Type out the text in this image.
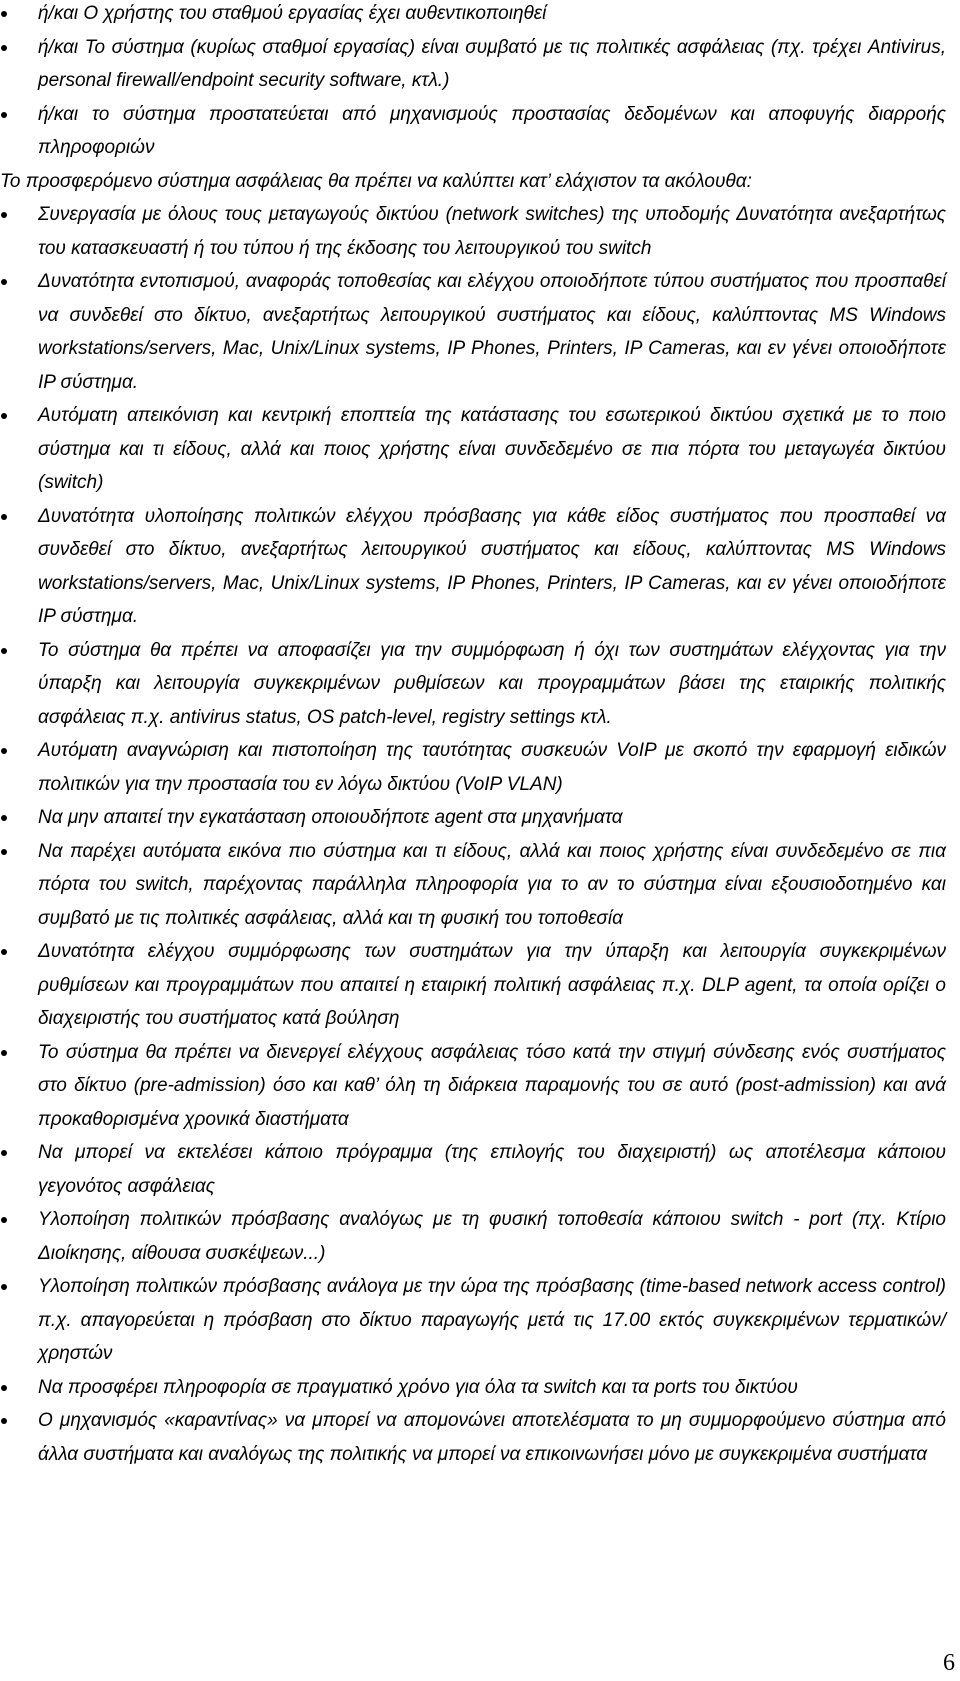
ή/και Ο χρήστης του σταθμού εργασίας έχει αυθεντικοποιηθεί
ή/και Το σύστημα (κυρίως σταθμοί εργασίας) είναι συμβατό με τις πολιτικές ασφάλειας (πχ. τρέχει Antivirus, personal firewall/endpoint security software, κτλ.)
ή/και το σύστημα προστατεύεται από μηχανισμούς προστασίας δεδομένων και αποφυγής διαρροής πληροφοριών
Το προσφερόμενο σύστημα ασφάλειας θα πρέπει να καλύπτει κατ’ ελάχιστον τα ακόλουθα:
Συνεργασία με όλους τους μεταγωγούς δικτύου (network switches) της υποδομής Δυνατότητα ανεξαρτήτως του κατασκευαστή ή του τύπου ή της έκδοσης του λειτουργικού του switch
Δυνατότητα εντοπισμού, αναφοράς τοποθεσίας και ελέγχου οποιοδήποτε τύπου συστήματος που προσπαθεί να συνδεθεί στο δίκτυο, ανεξαρτήτως λειτουργικού συστήματος και είδους, καλύπτοντας MS Windows workstations/servers, Mac, Unix/Linux systems, IP Phones, Printers, IP Cameras, και εν γένει οποιοδήποτε IP σύστημα.
Αυτόματη απεικόνιση και κεντρική εποπτεία της κατάστασης του εσωτερικού δικτύου σχετικά με το ποιο σύστημα και τι είδους, αλλά και ποιος χρήστης είναι συνδεδεμένο σε πια πόρτα του μεταγωγέα δικτύου (switch)
Δυνατότητα υλοποίησης πολιτικών ελέγχου πρόσβασης για κάθε είδος συστήματος που προσπαθεί να συνδεθεί στο δίκτυο, ανεξαρτήτως λειτουργικού συστήματος και είδους, καλύπτοντας MS Windows workstations/servers, Mac, Unix/Linux systems, IP Phones, Printers, IP Cameras, και εν γένει οποιοδήποτε IP σύστημα.
Το σύστημα θα πρέπει να αποφασίζει για την συμμόρφωση ή όχι των συστημάτων ελέγχοντας για την ύπαρξη και λειτουργία συγκεκριμένων ρυθμίσεων και προγραμμάτων βάσει της εταιρικής πολιτικής ασφάλειας π.χ. antivirus status, OS patch-level, registry settings κτλ.
Αυτόματη αναγνώριση και πιστοποίηση της ταυτότητας συσκευών VoIP με σκοπό την εφαρμογή ειδικών πολιτικών για την προστασία του εν λόγω δικτύου (VoIP VLAN)
Να μην απαιτεί την εγκατάσταση οποιουδήποτε agent στα μηχανήματα
Να παρέχει αυτόματα εικόνα πιο σύστημα και τι είδους, αλλά και ποιος χρήστης είναι συνδεδεμένο σε πια πόρτα του switch, παρέχοντας παράλληλα πληροφορία για το αν το σύστημα είναι εξουσιοδοτημένο και συμβατό με τις πολιτικές ασφάλειας, αλλά και τη φυσική του τοποθεσία
Δυνατότητα ελέγχου συμμόρφωσης των συστημάτων για την ύπαρξη και λειτουργία συγκεκριμένων ρυθμίσεων και προγραμμάτων που απαιτεί η εταιρική πολιτική ασφάλειας π.χ. DLP agent, τα οποία ορίζει ο διαχειριστής του συστήματος κατά βούληση
Το σύστημα θα πρέπει να διενεργεί ελέγχους ασφάλειας τόσο κατά την στιγμή σύνδεσης ενός συστήματος στο δίκτυο (pre-admission) όσο και καθ’ όλη τη διάρκεια παραμονής του σε αυτό (post-admission) και ανά προκαθορισμένα χρονικά διαστήματα
Να μπορεί να εκτελέσει κάποιο πρόγραμμα (της επιλογής του διαχειριστή) ως αποτέλεσμα κάποιου γεγονότος ασφάλειας
Υλοποίηση πολιτικών πρόσβασης αναλόγως με τη φυσική τοποθεσία κάποιου switch - port (πχ. Κτίριο Διοίκησης, αίθουσα συσκέψεων...)
Υλοποίηση πολιτικών πρόσβασης ανάλογα με την ώρα της πρόσβασης (time-based network access control) π.χ. απαγορεύεται η πρόσβαση στο δίκτυο παραγωγής μετά τις 17.00 εκτός συγκεκριμένων τερματικών/χρηστών
Να προσφέρει πληροφορία σε πραγματικό χρόνο για όλα τα switch και τα ports του δικτύου
Ο μηχανισμός «καραντίνας» να μπορεί να απομονώνει αποτελέσματα το μη συμμορφούμενο σύστημα από άλλα συστήματα και αναλόγως της πολιτικής να μπορεί να επικοινωνήσει μόνο με συγκεκριμένα συστήματα
6
